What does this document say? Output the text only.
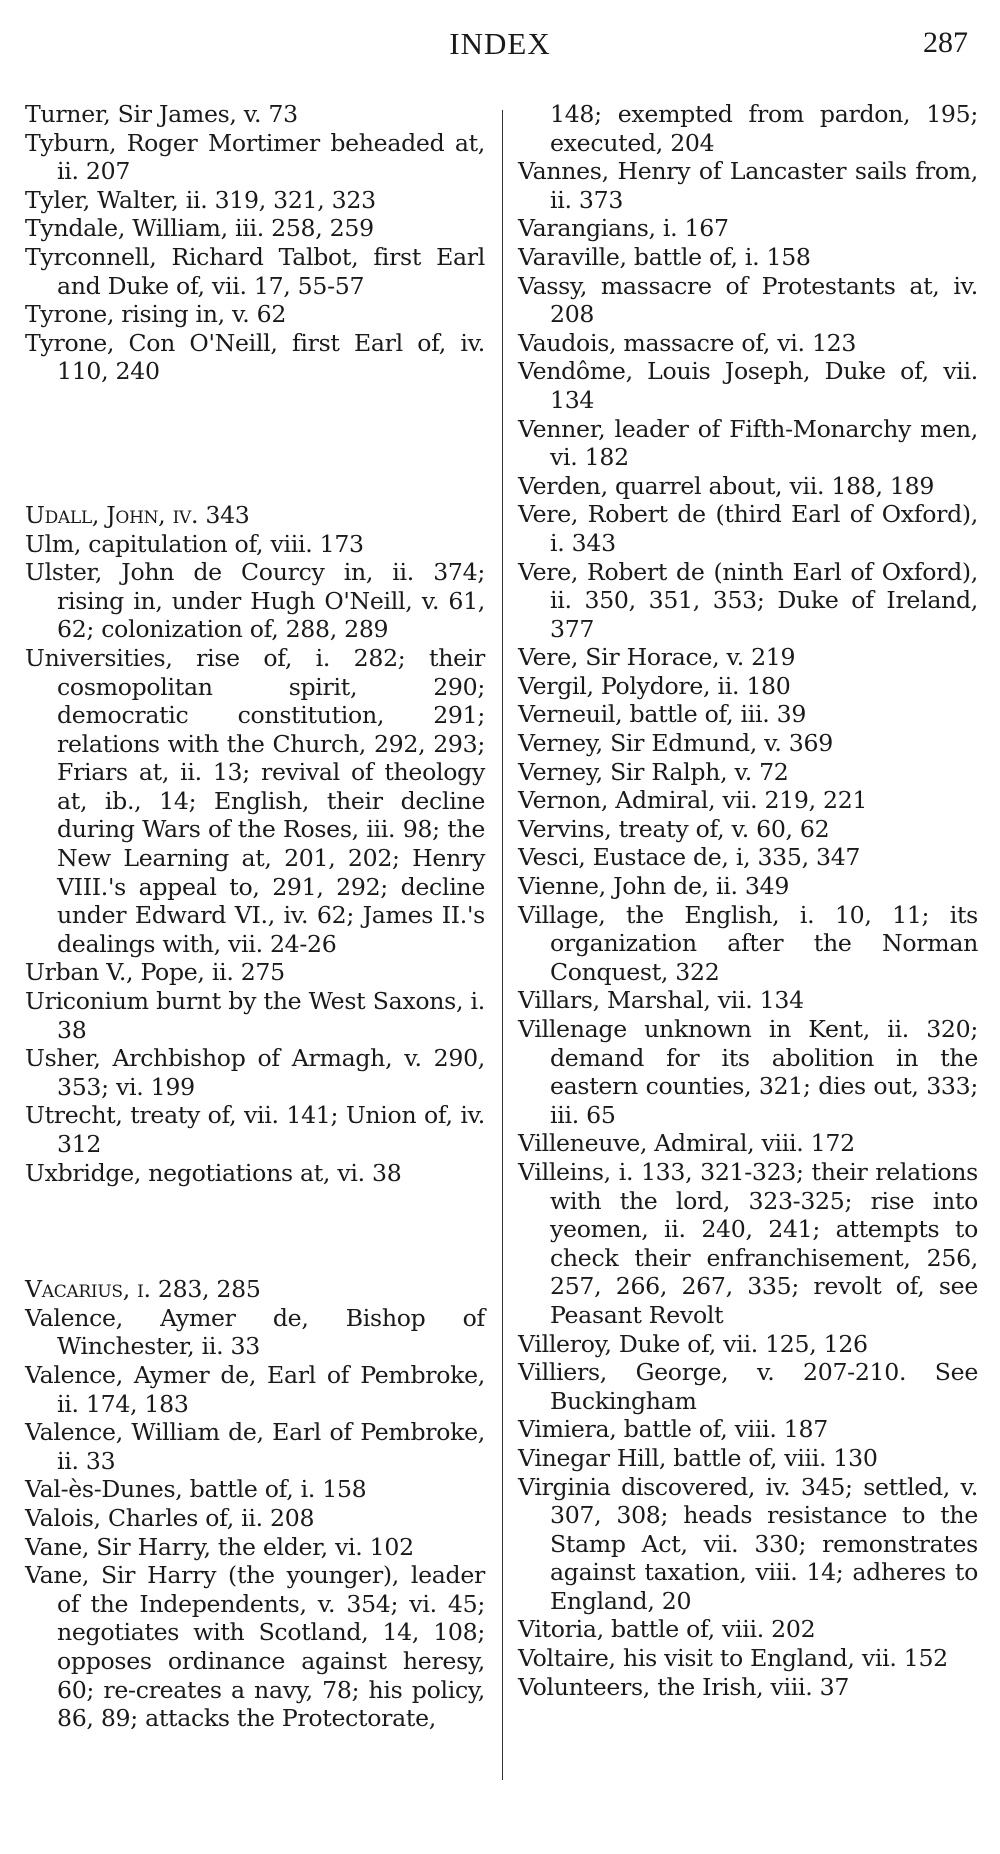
INDEX	287

Turner, Sir James, v. 73

Tyburn, Roger Mortimer beheaded at, ii. 207

Tyler, Walter, ii. 319, 321, 323

Tyndale, William, iii. 258, 259

Tyrconnell, Richard Talbot, first Earl and Duke of, vii. 17, 55-57

Tyrone, rising in, v. 62

Tyrone, Con O'Neill, first Earl of, iv. 110, 240

Udall, John, iv. 343

Ulm, capitulation of, viii. 173

Ulster, John de Courcy in, ii. 374; rising in, under Hugh O'Neill, v. 61, 62; colonization of, 288, 289

Universities, rise of, i. 282; their cosmopolitan spirit, 290; democratic constitution, 291; relations with the Church, 292, 293; Friars at, ii. 13; revival of theology at, ib., 14; English, their decline during Wars of the Roses, iii. 98; the New Learning at, 201, 202; Henry VIII.'s appeal to, 291, 292; decline under Edward VI., iv. 62; James II.'s dealings with, vii. 24-26

Urban V., Pope, ii. 275

Uriconium burnt by the West Saxons, i. 38

Usher, Archbishop of Armagh, v. 290, 353; vi. 199

Utrecht, treaty of, vii. 141; Union of, iv. 312

Uxbridge, negotiations at, vi. 38

Vacarius, i. 283, 285

Valence, Aymer de, Bishop of Winchester, ii. 33

Valence, Aymer de, Earl of Pembroke, ii. 174, 183

Valence, William de, Earl of Pembroke, ii. 33

Val-ès-Dunes, battle of, i. 158

Valois, Charles of, ii. 208

Vane, Sir Harry, the elder, vi. 102

Vane, Sir Harry (the younger), leader of the Independents, v. 354; vi. 45; negotiates with Scotland, 14, 108; opposes ordinance against heresy, 60; re-creates a navy, 78; his policy, 86, 89; attacks the Protectorate,

148; exempted from pardon, 195; executed, 204

Vannes, Henry of Lancaster sails from, ii. 373

Varangians, i. 167

Varaville, battle of, i. 158

Vassy, massacre of Protestants at, iv. 208

Vaudois, massacre of, vi. 123

Vendôme, Louis Joseph, Duke of, vii. 134

Venner, leader of Fifth-Monarchy men, vi. 182

Verden, quarrel about, vii. 188, 189

Vere, Robert de (third Earl of Oxford), i. 343

Vere, Robert de (ninth Earl of Oxford), ii. 350, 351, 353; Duke of Ireland, 377

Vere, Sir Horace, v. 219

Vergil, Polydore, ii. 180

Verneuil, battle of, iii. 39

Verney, Sir Edmund, v. 369

Verney, Sir Ralph, v. 72

Vernon, Admiral, vii. 219, 221

Vervins, treaty of, v. 60, 62

Vesci, Eustace de, i, 335, 347

Vienne, John de, ii. 349

Village, the English, i. 10, 11; its organization after the Norman Conquest, 322

Villars, Marshal, vii. 134

Villenage unknown in Kent, ii. 320; demand for its abolition in the eastern counties, 321; dies out, 333; iii. 65

Villeneuve, Admiral, viii. 172

Villeins, i. 133, 321-323; their relations with the lord, 323-325; rise into yeomen, ii. 240, 241; attempts to check their enfranchisement, 256, 257, 266, 267, 335; revolt of, see Peasant Revolt

Villeroy, Duke of, vii. 125, 126

Villiers, George, v. 207-210. See Buckingham

Vimiera, battle of, viii. 187

Vinegar Hill, battle of, viii. 130

Virginia discovered, iv. 345; settled, v. 307, 308; heads resistance to the Stamp Act, vii. 330; remonstrates against taxation, viii. 14; adheres to England, 20

Vitoria, battle of, viii. 202

Voltaire, his visit to England, vii. 152

Volunteers, the Irish, viii. 37
